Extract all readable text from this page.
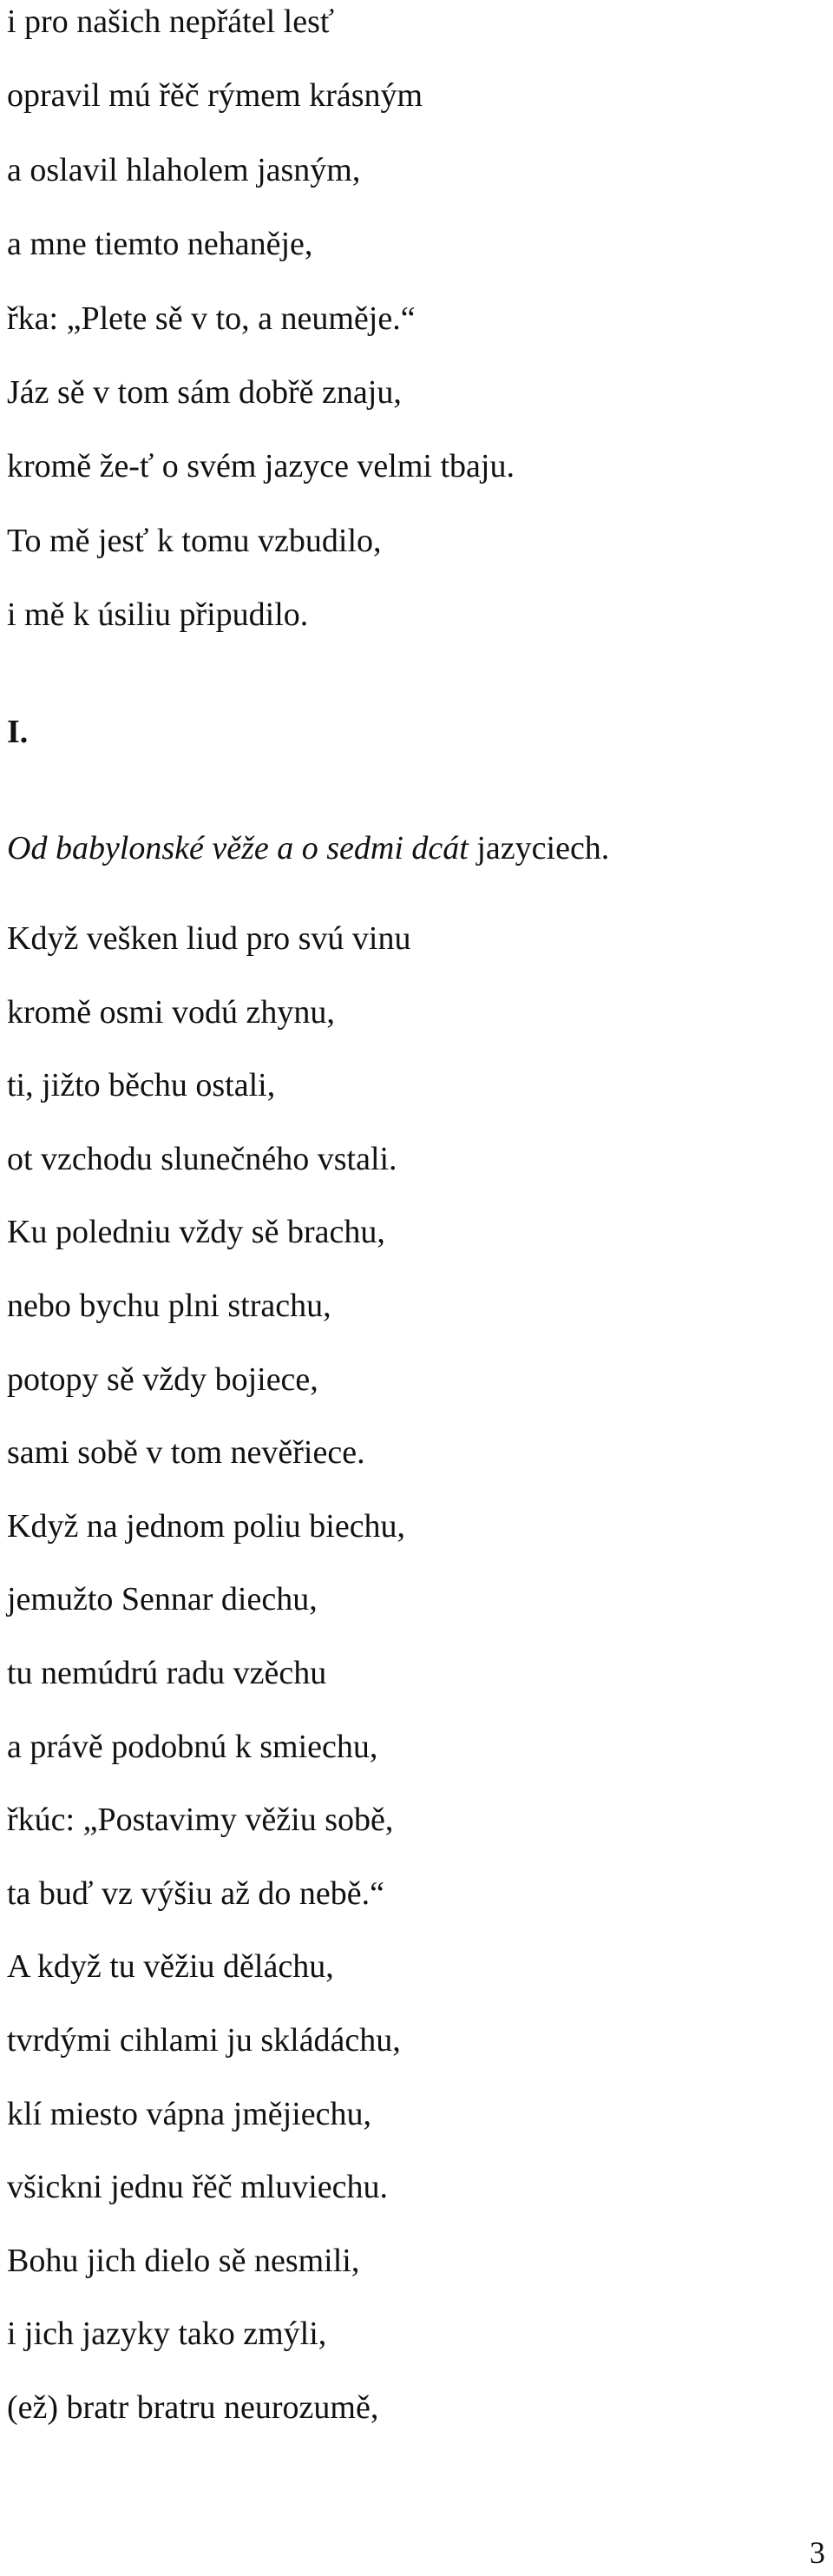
i pro našich nepřátel lesť
opravil mú řěč rýmem krásným
a oslavil hlaholem jasným,
a mne tiemto nehaněje,
řka: „Plete sě v to, a neuměje.“
Jáz sě v tom sám dobřě znaju,
kromě že-ť o svém jazyce velmi tbaju.
To mě jesť k tomu vzbudilo,
i mě k úsiliu připudilo.

I.

Od babylonské věže a o sedmi dcát jazyciech.

Když vešken liud pro svú vinu
kromě osmi vodú zhynu,
ti, jižto běchu ostali,
ot vzchodu slunečného vstali.
Ku poledniu vždy sě brachu,
nebo bychu plni strachu,
potopy sě vždy bojiece,
sami sobě v tom nevěřiece.
Když na jednom poliu biechu,
jemužto Sennar diechu,
tu nemúdrú radu vzěchu
a právě podobnú k smiechu,
řkúc: „Postavimy věžiu sobě,
ta buď vz výšiu až do nebě.“
A když tu věžiu děláchu,
tvrdými cihlami ju skládáchu,
klí miesto vápna jmějiechu,
všickni jednu řěč mluviechu.
Bohu jich dielo sě nesmili,
i jich jazyky tako zmýli,
(ež) bratr bratru neurozumě,

3
